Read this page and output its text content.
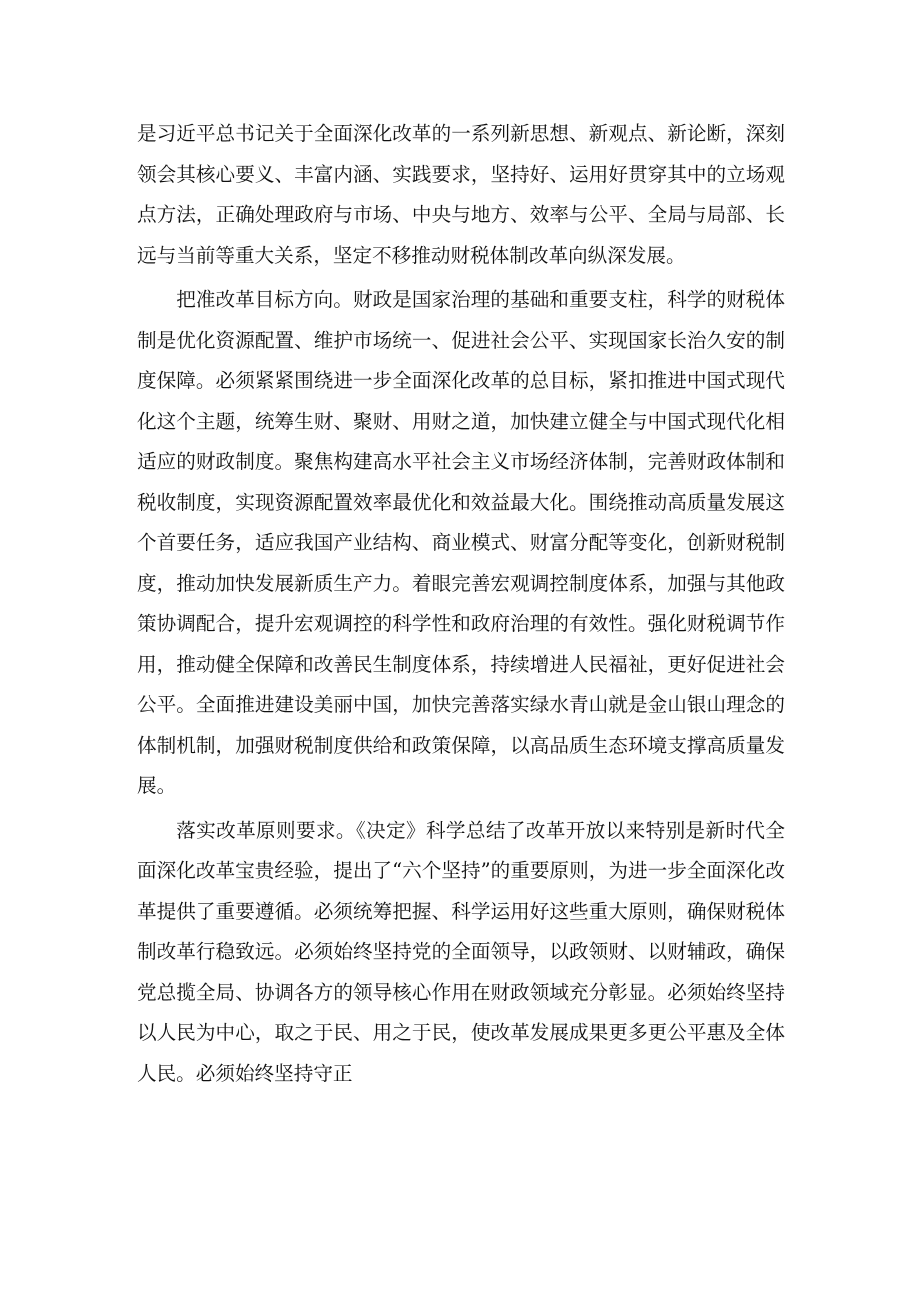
是习近平总书记关于全面深化改革的一系列新思想、新观点、新论断，深刻领会其核心要义、丰富内涵、实践要求，坚持好、运用好贯穿其中的立场观点方法，正确处理政府与市场、中央与地方、效率与公平、全局与局部、长远与当前等重大关系，坚定不移推动财税体制改革向纵深发展。

把准改革目标方向。财政是国家治理的基础和重要支柱，科学的财税体制是优化资源配置、维护市场统一、促进社会公平、实现国家长治久安的制度保障。必须紧紧围绕进一步全面深化改革的总目标，紧扣推进中国式现代化这个主题，统筹生财、聚财、用财之道，加快建立健全与中国式现代化相适应的财政制度。聚焦构建高水平社会主义市场经济体制，完善财政体制和税收制度，实现资源配置效率最优化和效益最大化。围绕推动高质量发展这个首要任务，适应我国产业结构、商业模式、财富分配等变化，创新财税制度，推动加快发展新质生产力。着眼完善宏观调控制度体系，加强与其他政策协调配合，提升宏观调控的科学性和政府治理的有效性。强化财税调节作用，推动健全保障和改善民生制度体系，持续增进人民福祉，更好促进社会公平。全面推进建设美丽中国，加快完善落实绿水青山就是金山银山理念的体制机制，加强财税制度供给和政策保障，以高品质生态环境支撑高质量发展。

落实改革原则要求。《决定》科学总结了改革开放以来特别是新时代全面深化改革宝贵经验，提出了“六个坚持”的重要原则，为进一步全面深化改革提供了重要遵循。必须统筹把握、科学运用好这些重大原则，确保财税体制改革行稳致远。必须始终坚持党的全面领导，以政领财、以财辅政，确保党总揽全局、协调各方的领导核心作用在财政领域充分彰显。必须始终坚持以人民为中心，取之于民、用之于民，使改革发展成果更多更公平惠及全体人民。必须始终坚持守正
